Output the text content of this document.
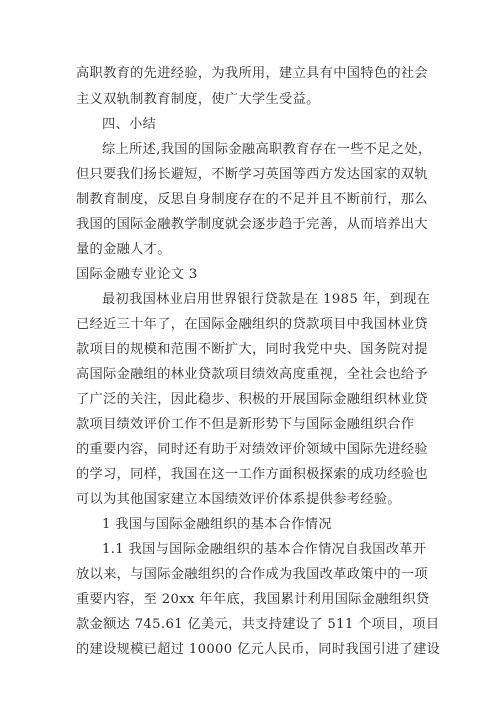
高职教育的先进经验，为我所用，建立具有中国特色的社会
主义双轨制教育制度，使广大学生受益。
四、小结
综上所述,我国的国际金融高职教育存在一些不足之处，
但只要我们扬长避短，不断学习英国等西方发达国家的双轨
制教育制度，反思自身制度存在的不足并且不断前行，那么
我国的国际金融教学制度就会逐步趋于完善，从而培养出大
量的金融人才。
国际金融专业论文 3
最初我国林业启用世界银行贷款是在 1985 年，到现在
已经近三十年了，在国际金融组织的贷款项目中我国林业贷
款项目的规模和范围不断扩大，同时我党中央、国务院对提
高国际金融组的林业贷款项目绩效高度重视，全社会也给予
了广泛的关注，因此稳步、积极的开展国际金融组织林业贷
款项目绩效评价工作不但是新形势下与国际金融组织合作
的重要内容，同时还有助于对绩效评价领域中国际先进经验
的学习，同样，我国在这一工作方面积极探索的成功经验也
可以为其他国家建立本国绩效评价体系提供参考经验。
1 我国与国际金融组织的基本合作情况
1.1 我国与国际金融组织的基本合作情况自我国改革开
放以来，与国际金融组织的合作成为我国改革政策中的一项
重要内容，至 20xx 年年底，我国累计利用国际金融组织贷
款金额达 745.61 亿美元，共支持建设了 511 个项目，项目
的建设规模已超过 10000 亿元人民币，同时我国引进了建设
